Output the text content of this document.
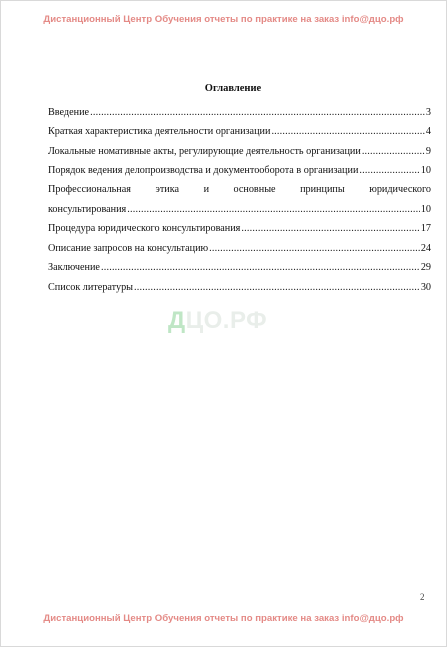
Дистанционный Центр Обучения отчеты по практике на заказ info@дцо.рф
Оглавление
Введение .....	3
Краткая характеристика деятельности организации .....	4
Локальные номативные акты, регулирующие деятельность организации .....	9
Порядок ведения делопроизводства и документооборота в организации .....	10
Профессиональная этика и основные принципы юридического
консультирования .....	10
Процедура юридического консультирования .....	17
Описание запросов на консультацию .....	24
Заключение .....	29
Список литературы .....	30
ДЦО.РФ
2
Дистанционный Центр Обучения отчеты по практике на заказ info@дцо.рф
